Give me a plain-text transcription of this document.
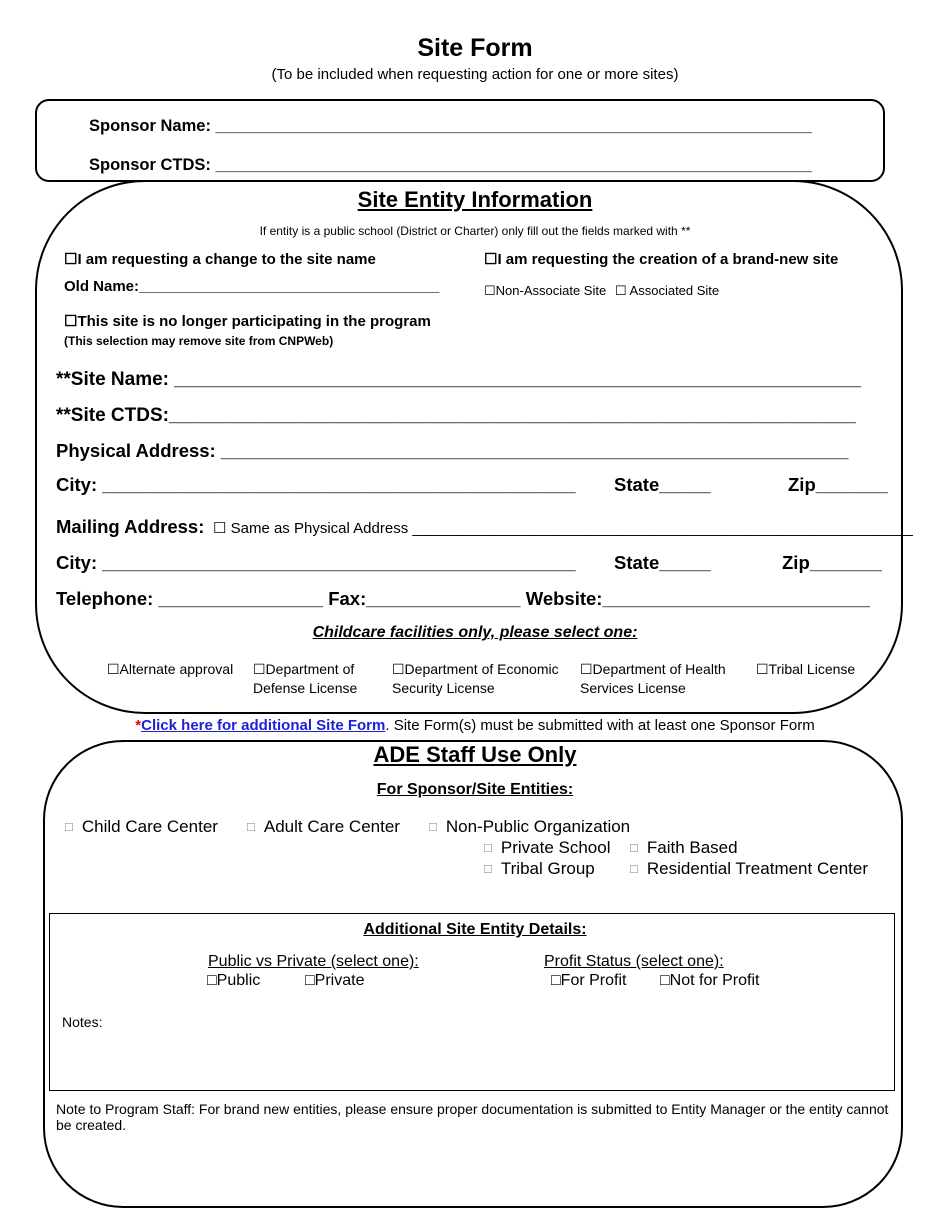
Site Form
(To be included when requesting action for one or more sites)
Sponsor Name: _________________________________________________________________
Sponsor CTDS: _________________________________________________________________
Site Entity Information
If entity is a public school (District or Charter) only fill out the fields marked with **
☐I am requesting a change to the site name
Old Name:____________________________________
☐I am requesting the creation of a brand-new site
☐Non-Associate Site ☐ Associated Site
☐This site is no longer participating in the program
(This selection may remove site from CNPWeb)
**Site Name: _________________________________________________________________
**Site CTDS:_________________________________________________________________
Physical Address: _____________________________________________________________
City: ______________________________________________ State_____	Zip_______
Mailing Address: ☐ Same as Physical Address ____________________________________________________________
City: ______________________________________________ State_____	Zip_______
Telephone: ________________ Fax:_______________ Website:__________________________
Childcare facilities only, please select one:
☐Alternate approval	☐Department of Defense License
☐Department of Economic Security License
☐Department of Health Services License
☐Tribal License
*Click here for additional Site Form. Site Form(s) must be submitted with at least one Sponsor Form
ADE Staff Use Only
For Sponsor/Site Entities:
☐ Child Care Center	☐ Adult Care Center	☐ Non-Public Organization
☐ Private School ☐ Faith Based
☐ Tribal Group	☐ Residential Treatment Center
Additional Site Entity Details:
Public vs Private (select one):
□Public	□Private
Profit Status (select one):
□For Profit □Not for Profit
Notes:
Note to Program Staff: For brand new entities, please ensure proper documentation is submitted to Entity Manager or the entity cannot be created.
